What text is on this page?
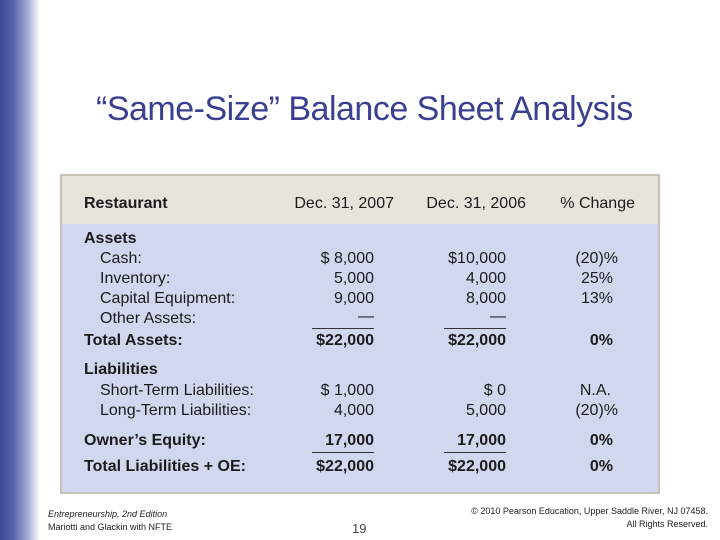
“Same-Size” Balance Sheet Analysis
Restaurant	Dec. 31, 2007	Dec. 31, 2006	% Change
Assets
Cash:	$ 8,000	$10,000	(20)%
Inventory:	5,000	4,000	25%
Capital Equipment:	9,000	8,000	13%
Other Assets:	—	—
Total Assets:	$22,000	$22,000	0%
Liabilities
Short-Term Liabilities:	$ 1,000	$ 0	N.A.
Long-Term Liabilities:	4,000	5,000	(20)%
Owner’s Equity:	17,000	17,000	0%
Total Liabilities + OE:	$22,000	$22,000	0%
Entrepreneurship, 2nd Edition
Mariotti and Glackin with NFTE	19
© 2010 Pearson Education, Upper Saddle River, NJ 07458.
All Rights Reserved.
